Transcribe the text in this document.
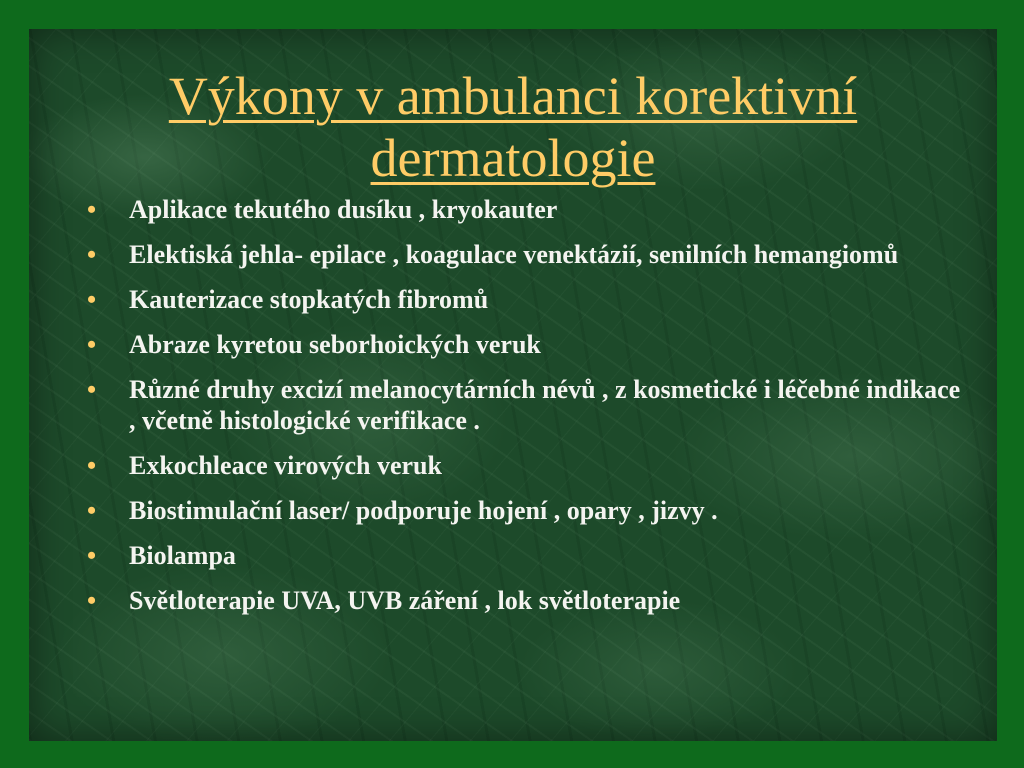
Výkony v ambulanci korektivní
dermatologie
• Aplikace tekutého dusíku , kryokauter
• Elektiská jehla- epilace , koagulace venektázií, senilních hemangiomů
• Kauterizace stopkatých fibromů
• Abraze kyretou seborhoických veruk
• Různé druhy excizí melanocytárních névů , z kosmetické i léčebné indikace , včetně histologické verifikace .
• Exkochleace virových veruk
• Biostimulační laser/ podporuje hojení , opary , jizvy .
• Biolampa
• Světloterapie UVA, UVB záření , lok světloterapie
